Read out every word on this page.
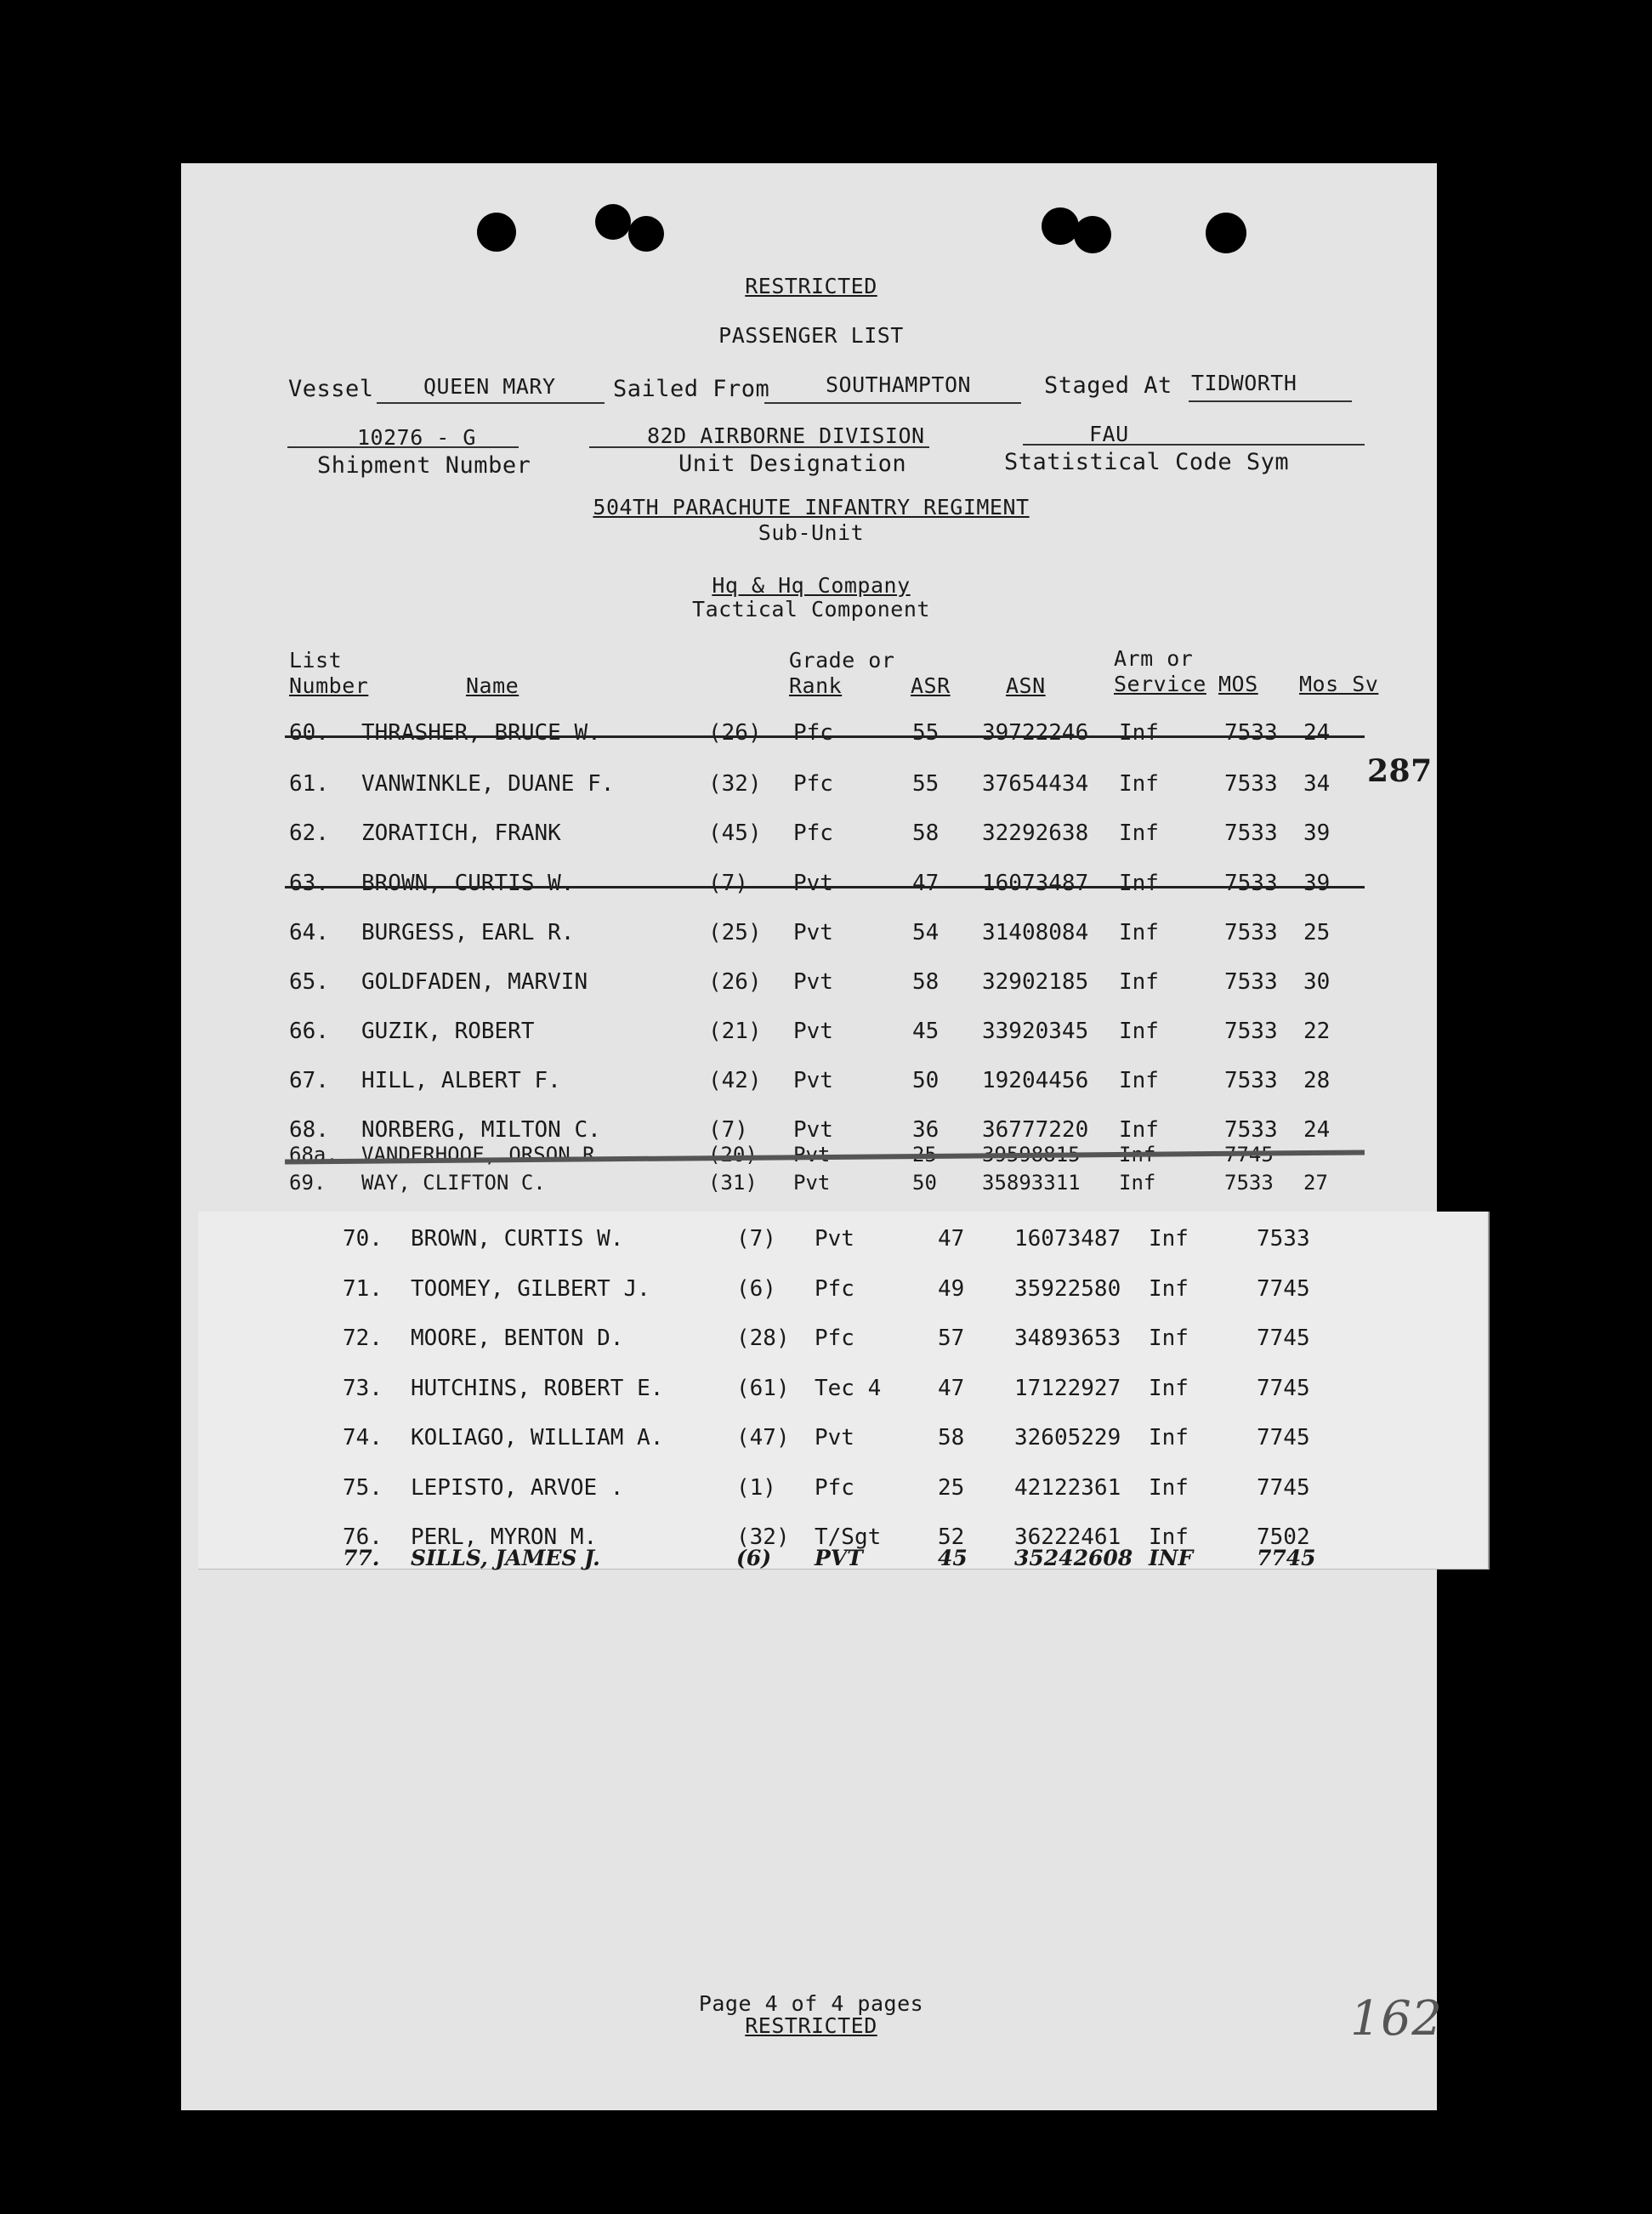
RESTRICTED
PASSENGER LIST
Vessel QUEEN MARY Sailed From	SOUTHAMPTON	Staged At TIDWORTH
10276 - G
Shipment Number
82D AIRBORNE DIVISION
Unit Designation
FAU
Statistical Code Sym
504TH PARACHUTE INFANTRY REGIMENT
Sub-Unit
Hq & Hq Company
Tactical Component
List
Number	Name
Grade or
Rank	ASR	ASN
Arm or
Service MOS Mos Sv
60. THRASHER, BRUCE W.	(26) Pfc	55 39722246 Inf	7533 24
61. VANWINKLE, DUANE F.	(32) Pfc	55 37654434 Inf	7533 34
62. ZORATICH, FRANK	(45) Pfc	58 32292638 Inf	7533 39
63. BROWN, CURTIS W.	(7) Pvt	47 16073487 Inf	7533 39
64. BURGESS, EARL R.	(25) Pvt	54 31408084 Inf	7533 25
65. GOLDFADEN, MARVIN	(26) Pvt	58 32902185 Inf	7533 30
66. GUZIK, ROBERT	(21) Pvt	45 33920345 Inf	7533 22
67. HILL, ALBERT F.	(42) Pvt	50 19204456 Inf	7533 28
68. NORBERG, MILTON C.	(7) Pvt	36 36777220 Inf	7533 24
68a. VANDERHOOF, ORSON R.	(20) Pvt	25 39598815 Inf	7745
69. WAY, CLIFTON C.	(31) Pvt	50 35893311 Inf	7533 27
287
Page 4 of 4 pages
RESTRICTED	162
70. BROWN, CURTIS W.	(7) Pvt	47 16073487 Inf	7533
71. TOOMEY, GILBERT J.	(6) Pfc	49 35922580 Inf	7745
72. MOORE, BENTON D.	(28) Pfc	57 34893653 Inf	7745
73. HUTCHINS, ROBERT E.	(61) Tec 4	47 17122927 Inf	7745
74. KOLIAGO, WILLIAM A.	(47) Pvt	58 32605229 Inf	7745
75. LEPISTO, ARVOE .	(1) Pfc	25 42122361 Inf	7745
76. PERL, MYRON M.	(32) T/Sgt	52 36222461 Inf	7502
77. SILLS, JAMES J.	(6) PVT	45 35242608 INF	7745
